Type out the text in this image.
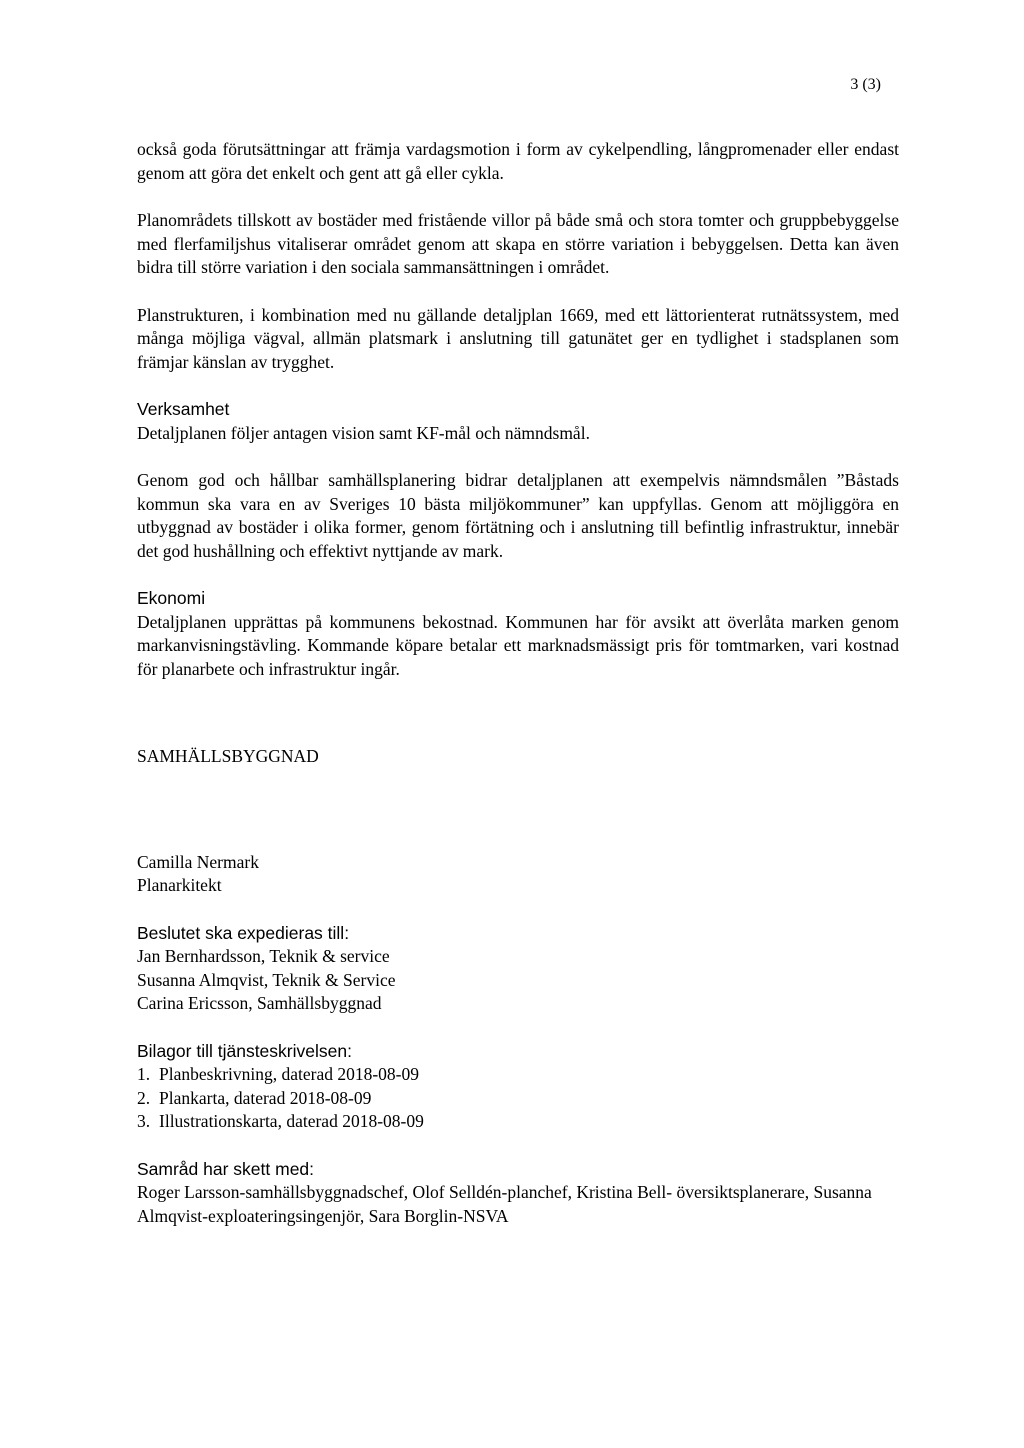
3 (3)

också goda förutsättningar att främja vardagsmotion i form av cykelpendling, långpromenader eller endast genom att göra det enkelt och gent att gå eller cykla.

Planområdets tillskott av bostäder med fristående villor på både små och stora tomter och gruppbebyggelse med flerfamiljshus vitaliserar området genom att skapa en större variation i bebyggelsen. Detta kan även bidra till större variation i den sociala sammansättningen i området.

Planstrukturen, i kombination med nu gällande detaljplan 1669, med ett lättorienterat rutnätssystem, med många möjliga vägval, allmän platsmark i anslutning till gatunätet ger en tydlighet i stadsplanen som främjar känslan av trygghet.

Verksamhet

Detaljplanen följer antagen vision samt KF-mål och nämndsmål.

Genom god och hållbar samhällsplanering bidrar detaljplanen att exempelvis nämndsmålen ”Båstads kommun ska vara en av Sveriges 10 bästa miljökommuner” kan uppfyllas. Genom att möjliggöra en utbyggnad av bostäder i olika former, genom förtätning och i anslutning till befintlig infrastruktur, innebär det god hushållning och effektivt nyttjande av mark.

Ekonomi

Detaljplanen upprättas på kommunens bekostnad. Kommunen har för avsikt att överlåta marken genom markanvisningstävling. Kommande köpare betalar ett marknadsmässigt pris för tomtmarken, vari kostnad för planarbete och infrastruktur ingår.

SAMHÄLLSBYGGNAD

Camilla Nermark

Planarkitekt

Beslutet ska expedieras till:

Jan Bernhardsson, Teknik & service

Susanna Almqvist, Teknik & Service

Carina Ericsson, Samhällsbyggnad

Bilagor till tjänsteskrivelsen:

1. Planbeskrivning, daterad 2018-08-09
2. Plankarta, daterad 2018-08-09
3. Illustrationskarta, daterad 2018-08-09

Samråd har skett med:

Roger Larsson-samhällsbyggnadschef, Olof Selldén-planchef, Kristina Bell- översiktsplanerare, Susanna Almqvist-exploateringsingenjör, Sara Borglin-NSVA
